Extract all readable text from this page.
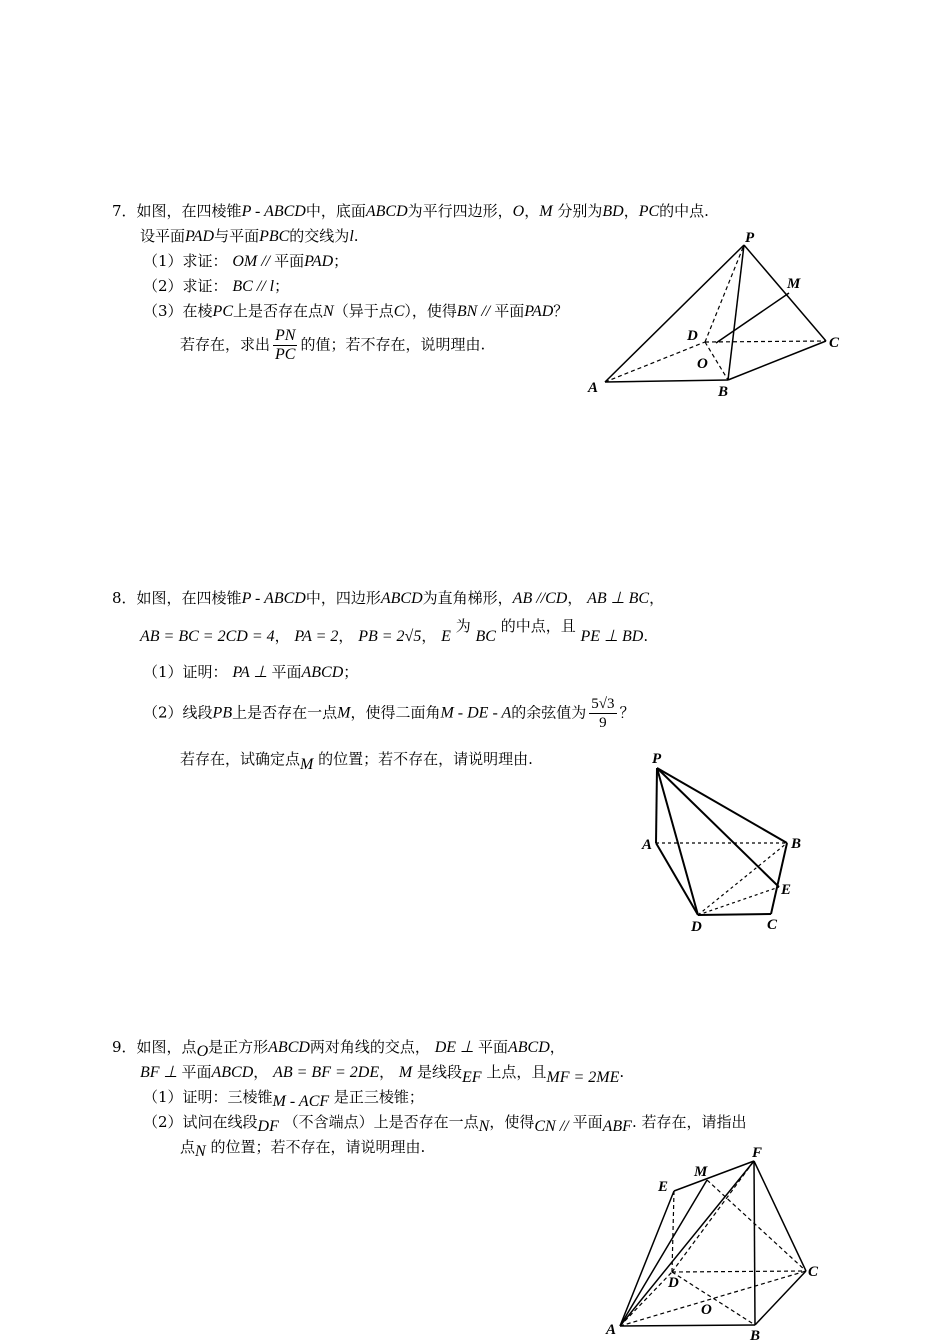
7．如图，在四棱锥P - ABCD中，底面ABCD为平行四边形，O，M 分别为BD，PC的中点.
设平面PAD与平面PBC的交线为l.
（1）求证： OM // 平面PAD；
（2）求证： BC // l；
（3）在棱PC上是否存在点N（异于点C），使得BN // 平面PAD？
若存在，求出 $\frac{PN}{PC}$ 的值；若不存在，说明理由.
P
M
D	C
O
A	B
8．如图，在四棱锥P - ABCD中，四边形ABCD为直角梯形，AB //CD， AB ⊥ BC，
AB = BC = 2CD = 4， PA = 2， PB = 2√5， E 为 BC 的中点，且 PE ⊥ BD.
（1）证明： PA ⊥ 平面ABCD；
（2）线段PB上是否存在一点M，使得二面角M - DE - A的余弦值为 $\frac{5√3}{9}$ ？
若存在，试确定点M 的位置；若不存在，请说明理由.	P
A	B
E
D	C
9．如图，点O是正方形ABCD两对角线的交点， DE ⊥ 平面ABCD，
BF ⊥ 平面ABCD， AB = BF = 2DE， M 是线段EF 上点，且MF = 2ME.
（1）证明：三棱锥M - ACF 是正三棱锥；
（2）试问在线段DF （不含端点）上是否存在一点N，使得CN // 平面ABF. 若存在，请指出
点N 的位置；若不存在，请说明理由.	F
M
E
C
D
O
A	B
